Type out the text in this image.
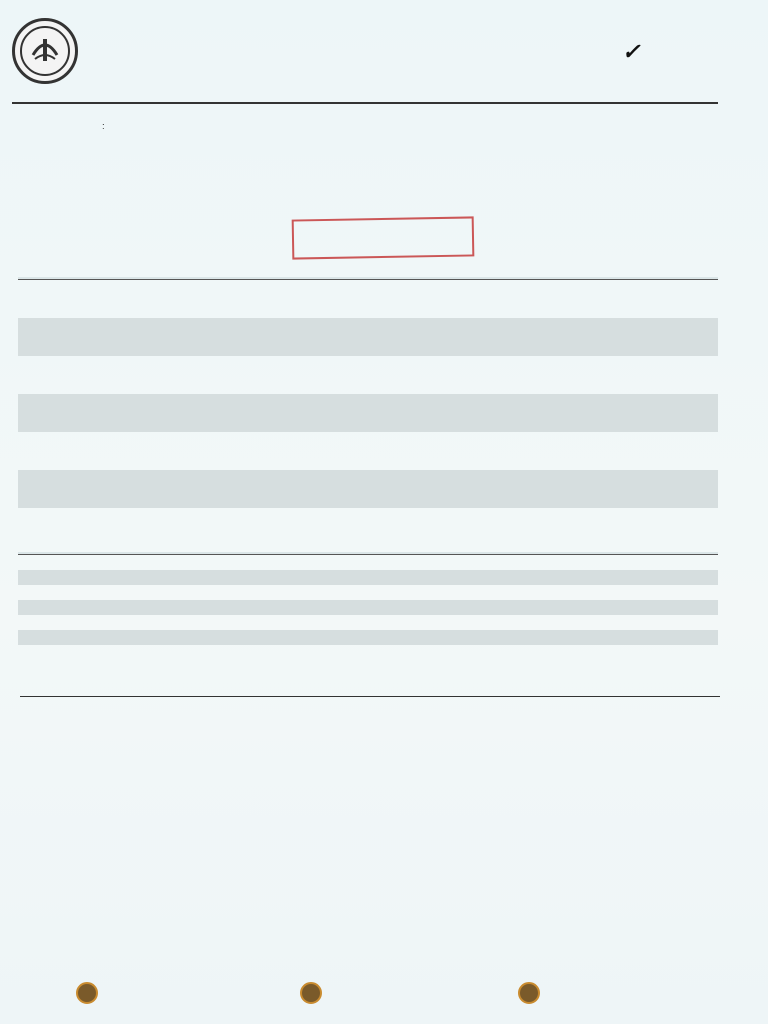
✓
:
